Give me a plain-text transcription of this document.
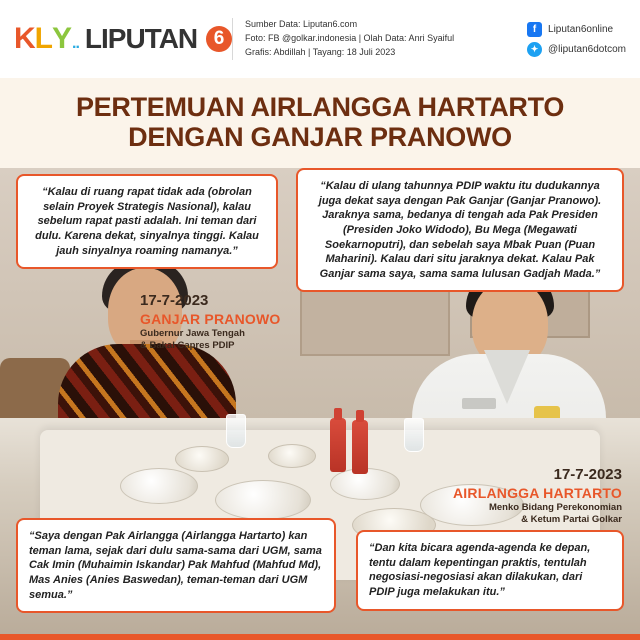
K L Y .. LIPUTAN 6
Sumber Data: Liputan6.com
Foto: FB @golkar.indonesia | Olah Data: Anri Syaiful
Grafis: Abdillah | Tayang: 18 Juli 2023
f	Liputan6online
✦ @liputan6dotcom
PERTEMUAN AIRLANGGA HARTARTO
DENGAN GANJAR PRANOWO
“Kalau di ruang rapat tidak ada (obrolan selain Proyek Strategis Nasional), kalau sebelum rapat pasti adalah. Ini teman dari dulu. Karena dekat, sinyalnya tinggi. Kalau jauh sinyalnya roaming namanya.”
“Kalau di ulang tahunnya PDIP waktu itu dudukannya juga dekat saya dengan Pak Ganjar (Ganjar Pranowo). Jaraknya sama, bedanya di tengah ada Pak Presiden (Presiden Joko Widodo), Bu Mega (Megawati Soekarnoputri), dan sebelah saya Mbak Puan (Puan Maharini). Kalau dari situ jaraknya dekat. Kalau Pak Ganjar sama saya, sama sama lulusan Gadjah Mada.”
“Saya dengan Pak Airlangga (Airlangga Hartarto) kan teman lama, sejak dari dulu sama-sama dari UGM, sama Cak Imin (Muhaimin Iskandar) Pak Mahfud (Mahfud Md), Mas Anies (Anies Baswedan), teman-teman dari UGM semua.”
“Dan kita bicara agenda-agenda ke depan, tentu dalam kepentingan praktis, tentulah negosiasi-negosiasi akan dilakukan, dari PDIP juga melakukan itu.”
17-7-2023
GANJAR PRANOWO
Gubernur Jawa Tengah
& Bakal Capres PDIP
17-7-2023
AIRLANGGA HARTARTO
Menko Bidang Perekonomian
& Ketum Partai Golkar
